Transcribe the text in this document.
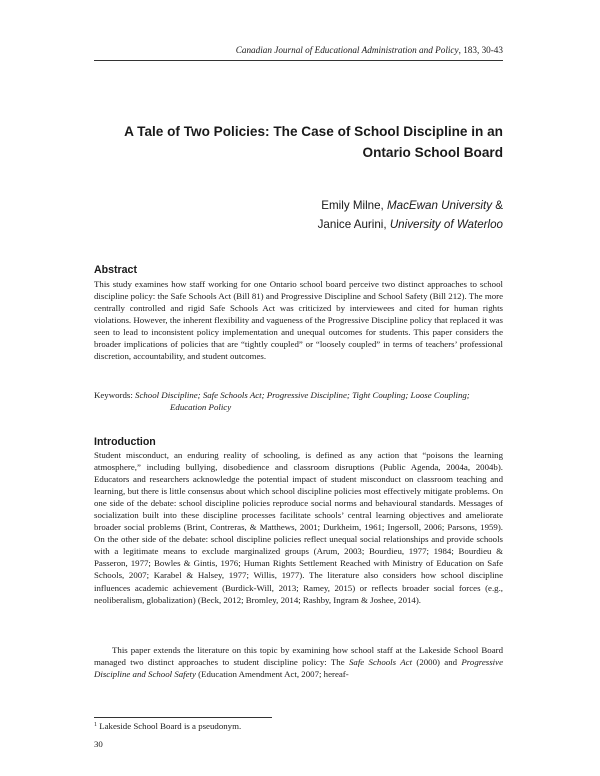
Canadian Journal of Educational Administration and Policy, 183, 30-43
A Tale of Two Policies: The Case of School Discipline in an Ontario School Board
Emily Milne, MacEwan University &
Janice Aurini, University of Waterloo
Abstract

This study examines how staff working for one Ontario school board perceive two distinct approaches to school discipline policy: the Safe Schools Act (Bill 81) and Progressive Discipline and School Safety (Bill 212). The more centrally controlled and rigid Safe Schools Act was criticized by interviewees and cited for human rights violations. However, the inherent flexibility and vagueness of the Progressive Discipline policy that replaced it was seen to lead to inconsistent policy implementation and unequal outcomes for students. This paper considers the broader implications of policies that are “tightly coupled” or “loosely coupled” in terms of teachers’ professional discretion, accountability, and student outcomes.

Keywords: School Discipline; Safe Schools Act; Progressive Discipline; Tight Coupling; Loose Coupling; Education Policy

Introduction

Student misconduct, an enduring reality of schooling, is defined as any action that “poisons the learning atmosphere,” including bullying, disobedience and classroom disruptions (Public Agenda, 2004a, 2004b). Educators and researchers acknowledge the potential impact of student misconduct on classroom teaching and learning, but there is little consensus about which school discipline policies most effectively mitigate problems. On one side of the debate: school discipline policies reproduce social norms and behavioural standards. Messages of socialization built into these discipline processes facilitate schools’ central learning objectives and ameliorate broader social problems (Brint, Contreras, & Matthews, 2001; Durkheim, 1961; Ingersoll, 2006; Parsons, 1959). On the other side of the debate: school discipline policies reflect unequal social relationships and provide schools with a legitimate means to exclude marginalized groups (Arum, 2003; Bourdieu, 1977; 1984; Bourdieu & Passeron, 1977; Bowles & Gintis, 1976; Human Rights Settlement Reached with Ministry of Education on Safe Schools, 2007; Karabel & Halsey, 1977; Willis, 1977). The literature also considers how school discipline influences academic achievement (Burdick-Will, 2013; Ramey, 2015) or reflects broader social forces (e.g., neoliberalism, globalization) (Beck, 2012; Bromley, 2014; Rashby, Ingram & Joshee, 2014).

This paper extends the literature on this topic by examining how school staff at the Lakeside School Board managed two distinct approaches to student discipline policy: The Safe Schools Act (2000) and Progressive Discipline and School Safety (Education Amendment Act, 2007; hereaf-

$^1$ Lakeside School Board is a pseudonym.
30
